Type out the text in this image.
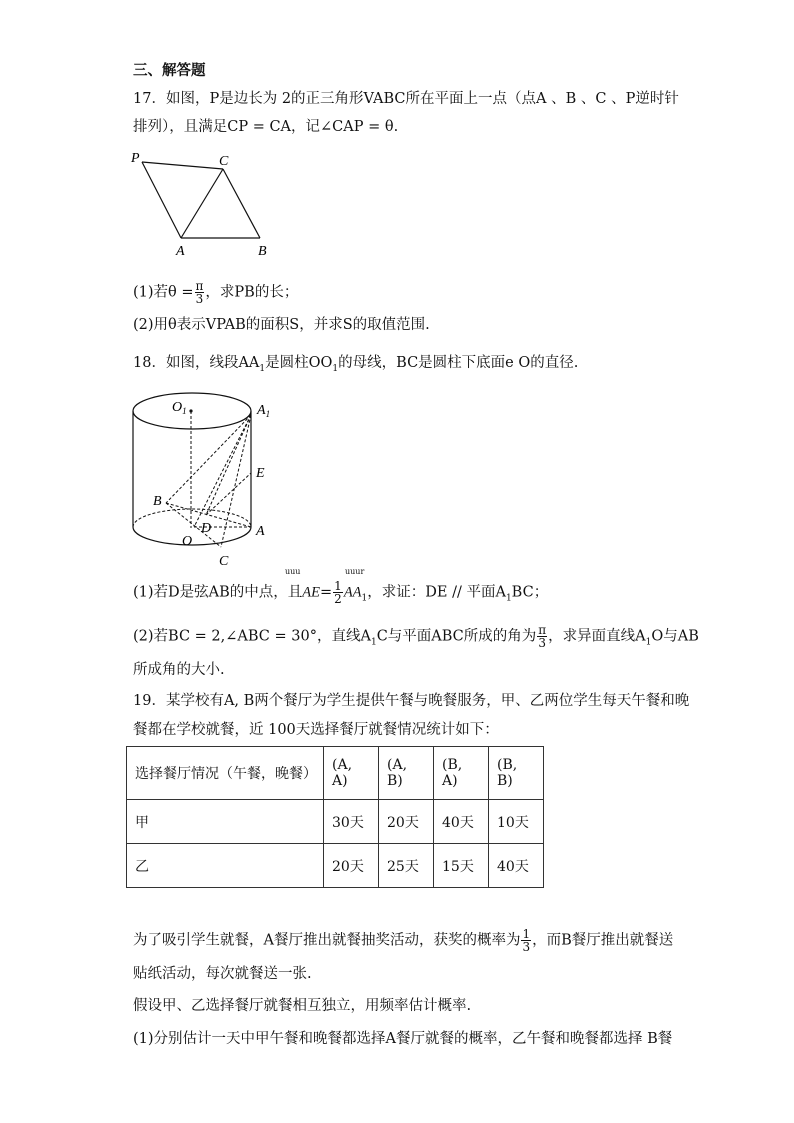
三、解答题
17．如图，P是边长为 2的正三角形VABC所在平面上一点（点A 、B 、C 、P逆时针
排列），且满足CP = CA，记∠CAP = θ.
P	C
A	B
(1)若$\theta = \frac{\pi}{3}$ ，求PB的长；
(2)用θ表示VPAB的面积S，并求S的取值范围.
18．如图，线段$AA_1$是圆柱$OO_1$的母线，BC是圆柱下底面e O的直径.
$O_1$	$A_1$
E
B
D
O
A
C
uuu	uuur
(1)若D是弦AB的中点，且$AE= \frac{1}{2} AA_1$，求证：DE // 平面$A_1BC$；
(2)若BC = 2,∠ABC = 30°，直线$A_1C$与平面ABC所成的角为 $\frac{\pi}{3}$ ，求异面直线$A_1O$与AB
所成角的大小.
19．某学校有A, B两个餐厅为学生提供午餐与晚餐服务，甲、乙两位学生每天午餐和晚
餐都在学校就餐，近 100天选择餐厅就餐情况统计如下：
选择餐厅情况（午餐，晚餐）	(A, A)	(A, B)	(B, A)	(B, B)
甲	30天	20天	40天	10天
乙	20天	25天	15天	40天
为了吸引学生就餐，A餐厅推出就餐抽奖活动，获奖的概率为 $\frac{1}{3}$ ，而B餐厅推出就餐送
贴纸活动，每次就餐送一张.
假设甲、乙选择餐厅就餐相互独立，用频率估计概率.
(1)分别估计一天中甲午餐和晚餐都选择A餐厅就餐的概率，乙午餐和晚餐都选择 B餐
